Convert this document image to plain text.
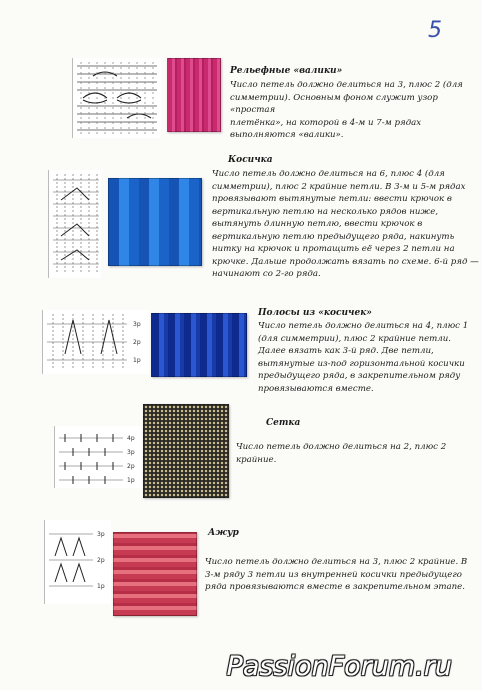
5
Рельефные «валики»

Число петель должно делиться на 3, плюс 2 (для
симметрии). Основным фоном служит узор «простая
плетёнка», на которой в 4-м и 7-м рядах
выполняются «валики».

Косичка

Число петель должно делиться на 6, плюс 4 (для
симметрии), плюс 2 крайние петли. В 3-м и 5-м рядах
провязывают вытянутые петли: ввести крючок в
вертикальную петлю на несколько рядов ниже,
вытянуть длинную петлю, ввести крючок в
вертикальную петлю предыдущего ряда, накинуть
нитку на крючок и протащить её через 2 петли на
крючке. Дальше продолжать вязать по схеме. 6-й ряд —
начинают со 2-го ряда.

3р
2р
1р
Полосы из «косичек»

Число петель должно делиться на 4, плюс 1
(для симметрии), плюс 2 крайние петли.
Далее вязать как 3-й ряд. Две петли,
вытянутые из-под горизонтальной косички
предыдущего ряда, в закрепительном ряду
провязываются вместе.

4р
3р
2р
1р
Сетка

Число петель должно делиться на 2, плюс 2
крайние.

3р
2р
1р
Ажур

Число петель должно делиться на 3, плюс 2 крайние. В
3-м ряду 3 петли из внутренней косички предыдущего
ряда провязываются вместе в закрепительном этапе.

PassionForum.ru
